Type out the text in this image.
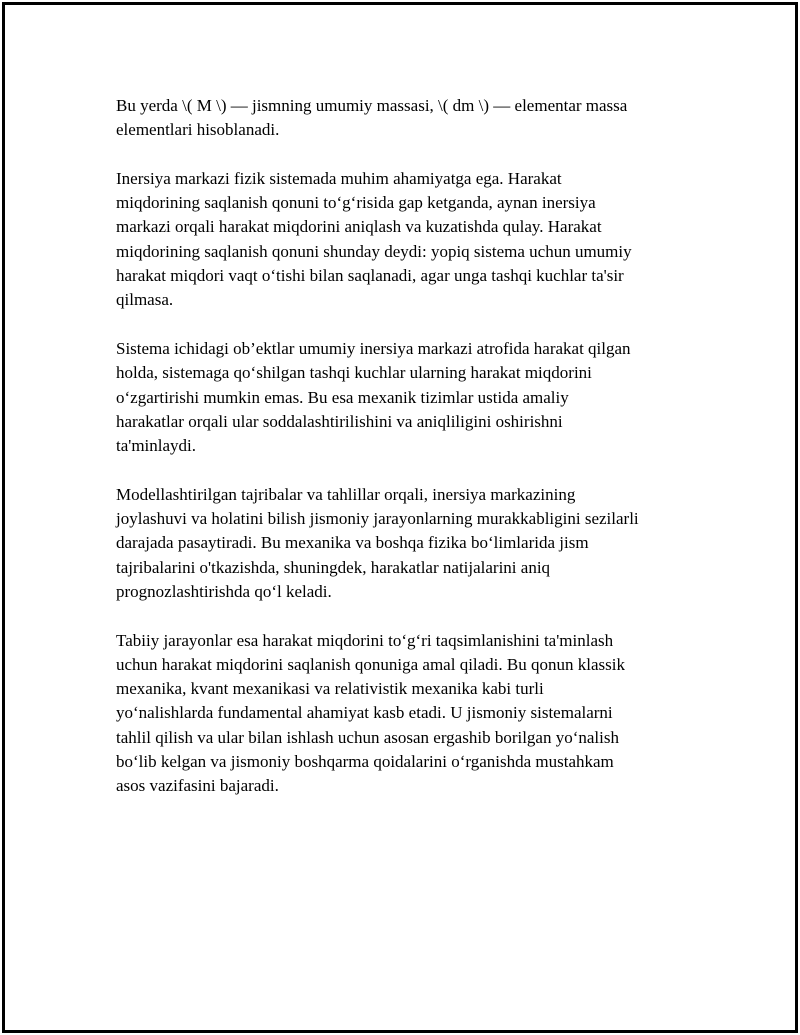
Bu yerda \( M \) — jismning umumiy massasi, \( dm \) — elementar massa
elementlari hisoblanadi.

Inersiya markazi fizik sistemada muhim ahamiyatga ega. Harakat
miqdorining saqlanish qonuni to‘g‘risida gap ketganda, aynan inersiya
markazi orqali harakat miqdorini aniqlash va kuzatishda qulay. Harakat
miqdorining saqlanish qonuni shunday deydi: yopiq sistema uchun umumiy
harakat miqdori vaqt o‘tishi bilan saqlanadi, agar unga tashqi kuchlar ta'sir
qilmasa.

Sistema ichidagi ob’ektlar umumiy inersiya markazi atrofida harakat qilgan
holda, sistemaga qo‘shilgan tashqi kuchlar ularning harakat miqdorini
o‘zgartirishi mumkin emas. Bu esa mexanik tizimlar ustida amaliy
harakatlar orqali ular soddalashtirilishini va aniqliligini oshirishni
ta'minlaydi.

Modellashtirilgan tajribalar va tahlillar orqali, inersiya markazining
joylashuvi va holatini bilish jismoniy jarayonlarning murakkabligini sezilarli
darajada pasaytiradi. Bu mexanika va boshqa fizika bo‘limlarida jism
tajribalarini o'tkazishda, shuningdek, harakatlar natijalarini aniq
prognozlashtirishda qo‘l keladi.

Tabiiy jarayonlar esa harakat miqdorini to‘g‘ri taqsimlanishini ta'minlash
uchun harakat miqdorini saqlanish qonuniga amal qiladi. Bu qonun klassik
mexanika, kvant mexanikasi va relativistik mexanika kabi turli
yo‘nalishlarda fundamental ahamiyat kasb etadi. U jismoniy sistemalarni
tahlil qilish va ular bilan ishlash uchun asosan ergashib borilgan yo‘nalish
bo‘lib kelgan va jismoniy boshqarma qoidalarini o‘rganishda mustahkam
asos vazifasini bajaradi.
